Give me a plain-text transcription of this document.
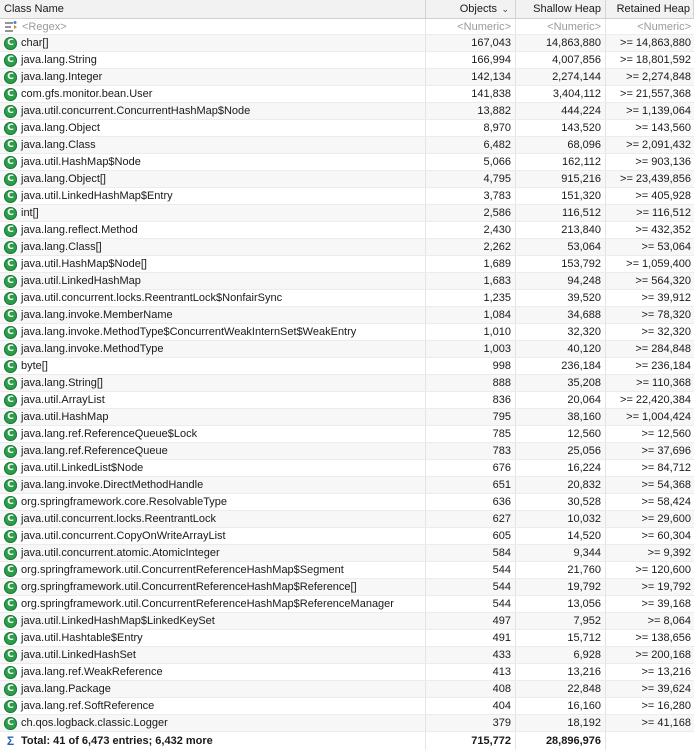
Class Name	Objects ⌄	Shallow Heap	Retained Heap
<Regex>	<Numeric>	<Numeric>	<Numeric>
C char[]	167,043	14,863,880	>= 14,863,880
C java.lang.String	166,994	4,007,856	>= 18,801,592
C java.lang.Integer	142,134	2,274,144	>= 2,274,848
C com.gfs.monitor.bean.User	141,838	3,404,112	>= 21,557,368
C java.util.concurrent.ConcurrentHashMap$Node	13,882	444,224	>= 1,139,064
C java.lang.Object	8,970	143,520	>= 143,560
C java.lang.Class	6,482	68,096	>= 2,091,432
C java.util.HashMap$Node	5,066	162,112	>= 903,136
C java.lang.Object[]	4,795	915,216	>= 23,439,856
C java.util.LinkedHashMap$Entry	3,783	151,320	>= 405,928
C int[]	2,586	116,512	>= 116,512
C java.lang.reflect.Method	2,430	213,840	>= 432,352
C java.lang.Class[]	2,262	53,064	>= 53,064
C java.util.HashMap$Node[]	1,689	153,792	>= 1,059,400
C java.util.LinkedHashMap	1,683	94,248	>= 564,320
C java.util.concurrent.locks.ReentrantLock$NonfairSync	1,235	39,520	>= 39,912
C java.lang.invoke.MemberName	1,084	34,688	>= 78,320
C java.lang.invoke.MethodType$ConcurrentWeakInternSet$WeakEntry	1,010	32,320	>= 32,320
C java.lang.invoke.MethodType	1,003	40,120	>= 284,848
C byte[]	998	236,184	>= 236,184
C java.lang.String[]	888	35,208	>= 110,368
C java.util.ArrayList	836	20,064	>= 22,420,384
C java.util.HashMap	795	38,160	>= 1,004,424
C java.lang.ref.ReferenceQueue$Lock	785	12,560	>= 12,560
C java.lang.ref.ReferenceQueue	783	25,056	>= 37,696
C java.util.LinkedList$Node	676	16,224	>= 84,712
C java.lang.invoke.DirectMethodHandle	651	20,832	>= 54,368
C org.springframework.core.ResolvableType	636	30,528	>= 58,424
C java.util.concurrent.locks.ReentrantLock	627	10,032	>= 29,600
C java.util.concurrent.CopyOnWriteArrayList	605	14,520	>= 60,304
C java.util.concurrent.atomic.AtomicInteger	584	9,344	>= 9,392
C org.springframework.util.ConcurrentReferenceHashMap$Segment	544	21,760	>= 120,600
C org.springframework.util.ConcurrentReferenceHashMap$Reference[]	544	19,792	>= 19,792
C org.springframework.util.ConcurrentReferenceHashMap$ReferenceManager	544	13,056	>= 39,168
C java.util.LinkedHashMap$LinkedKeySet	497	7,952	>= 8,064
C java.util.Hashtable$Entry	491	15,712	>= 138,656
C java.util.LinkedHashSet	433	6,928	>= 200,168
C java.lang.ref.WeakReference	413	13,216	>= 13,216
C java.lang.Package	408	22,848	>= 39,624
C java.lang.ref.SoftReference	404	16,160	>= 16,280
C ch.qos.logback.classic.Logger	379	18,192	>= 41,168
Σ Total: 41 of 6,473 entries; 6,432 more	715,772	28,896,976
